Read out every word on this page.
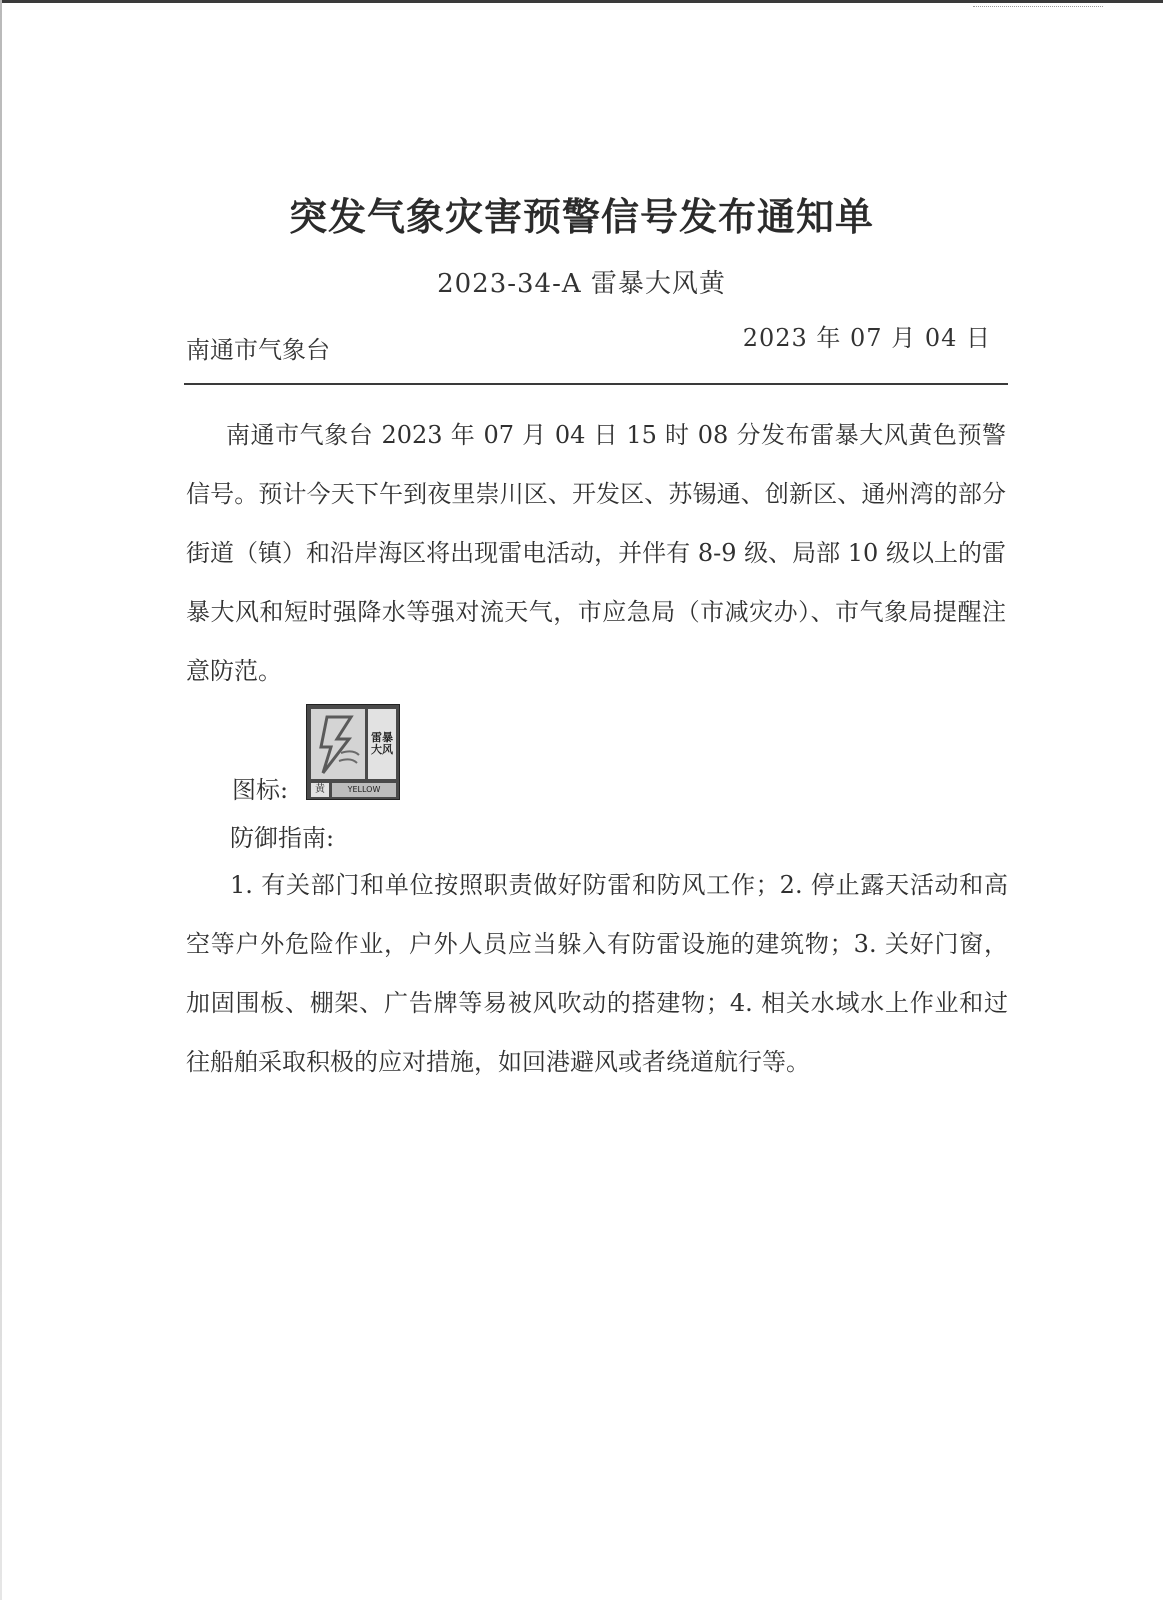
突发气象灾害预警信号发布通知单
2023-34-A 雷暴大风黄
南通市气象台	2023 年 07 月 04 日

南通市气象台 2023 年 07 月 04 日 15 时 08 分发布雷暴大风黄色预警信号。预计今天下午到夜里崇川区、开发区、苏锡通、创新区、通州湾的部分街道（镇）和沿岸海区将出现雷电活动，并伴有 8-9 级、局部 10 级以上的雷暴大风和短时强降水等强对流天气，市应急局（市减灾办）、市气象局提醒注意防范。

图标:
雷暴大风
黄	YELLOW
防御指南:

1. 有关部门和单位按照职责做好防雷和防风工作；2. 停止露天活动和高空等户外危险作业，户外人员应当躲入有防雷设施的建筑物；3. 关好门窗，加固围板、棚架、广告牌等易被风吹动的搭建物；4. 相关水域水上作业和过往船舶采取积极的应对措施，如回港避风或者绕道航行等。
